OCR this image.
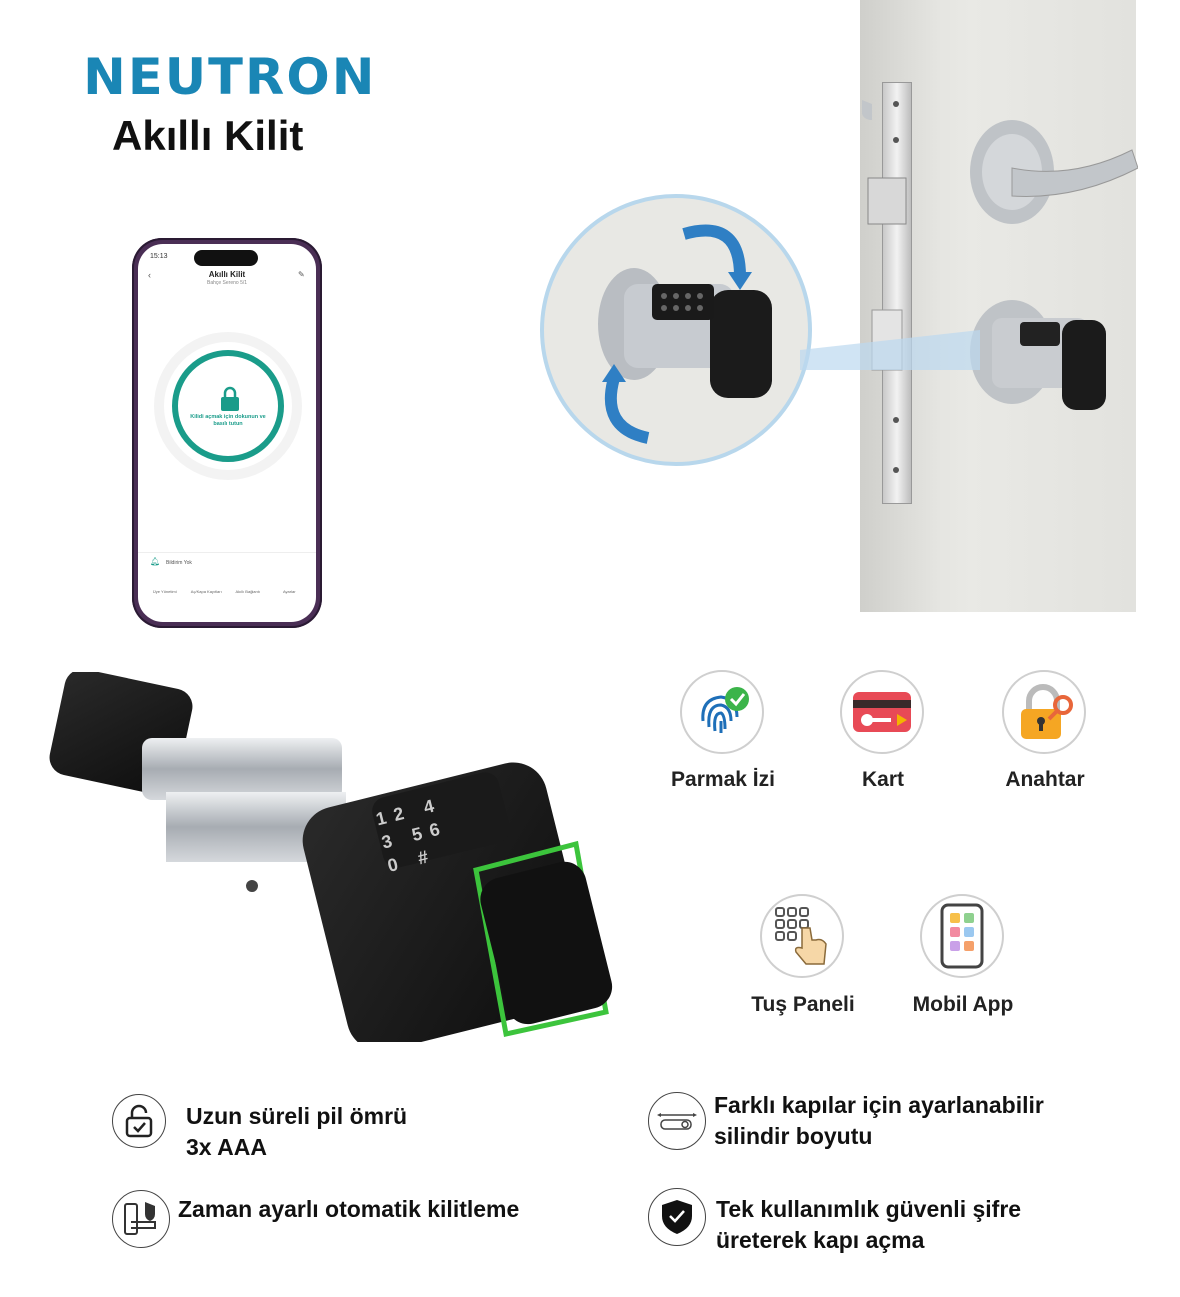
NEUTRON
Akıllı Kilit
15:13
‹	✎
Akıllı Kilit
Bahçe Sereno 5/1
Kilidi açmak için dokunun ve basılı tutun
Bildirim Yok
🔔︎
Üye Yönetimi	Aç/Kapa Kayıtları	Akıllı Bağlantı	Ayarlar
12 4
3 56
0 #
Parmak İzi	Kart	Anahtar
Tuş Paneli	Mobil App
Uzun süreli pil ömrü
3x AAA
Farklı kapılar için ayarlanabilir
silindir boyutu
Zaman ayarlı otomatik kilitleme	Tek kullanımlık güvenli şifre
üreterek kapı açma
